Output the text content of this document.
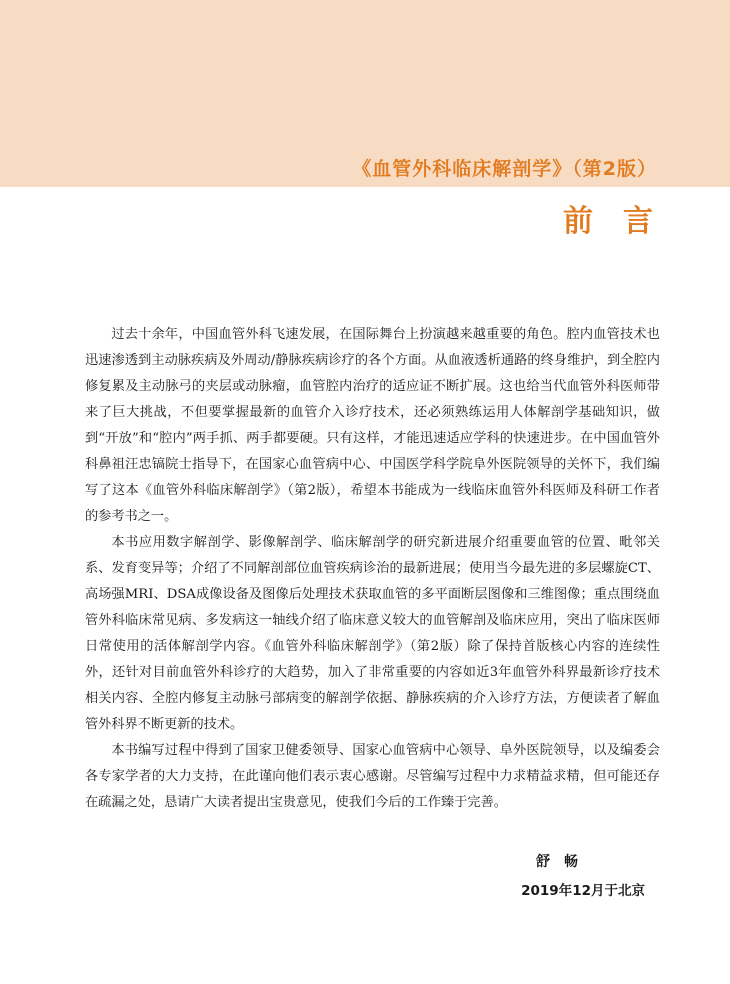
《血管外科临床解剖学》（第2版）
前言

过去十余年，中国血管外科飞速发展，在国际舞台上扮演越来越重要的角色。腔内血管技术也迅速渗透到主动脉疾病及外周动/静脉疾病诊疗的各个方面。从血液透析通路的终身维护，到全腔内修复累及主动脉弓的夹层或动脉瘤，血管腔内治疗的适应证不断扩展。这也给当代血管外科医师带来了巨大挑战，不但要掌握最新的血管介入诊疗技术，还必须熟练运用人体解剖学基础知识，做到“开放”和“腔内”两手抓、两手都要硬。只有这样，才能迅速适应学科的快速进步。在中国血管外科鼻祖汪忠镐院士指导下，在国家心血管病中心、中国医学科学院阜外医院领导的关怀下，我们编写了这本《血管外科临床解剖学》（第2版），希望本书能成为一线临床血管外科医师及科研工作者的参考书之一。

本书应用数字解剖学、影像解剖学、临床解剖学的研究新进展介绍重要血管的位置、毗邻关系、发育变异等；介绍了不同解剖部位血管疾病诊治的最新进展；使用当今最先进的多层螺旋CT、高场强MRI、DSA成像设备及图像后处理技术获取血管的多平面断层图像和三维图像；重点围绕血管外科临床常见病、多发病这一轴线介绍了临床意义较大的血管解剖及临床应用，突出了临床医师日常使用的活体解剖学内容。《血管外科临床解剖学》（第2版）除了保持首版核心内容的连续性外，还针对目前血管外科诊疗的大趋势，加入了非常重要的内容如近3年血管外科界最新诊疗技术相关内容、全腔内修复主动脉弓部病变的解剖学依据、静脉疾病的介入诊疗方法，方便读者了解血管外科界不断更新的技术。

本书编写过程中得到了国家卫健委领导、国家心血管病中心领导、阜外医院领导，以及编委会各专家学者的大力支持，在此谨向他们表示衷心感谢。尽管编写过程中力求精益求精，但可能还存在疏漏之处，恳请广大读者提出宝贵意见，使我们今后的工作臻于完善。

舒畅
2019年12月于北京
